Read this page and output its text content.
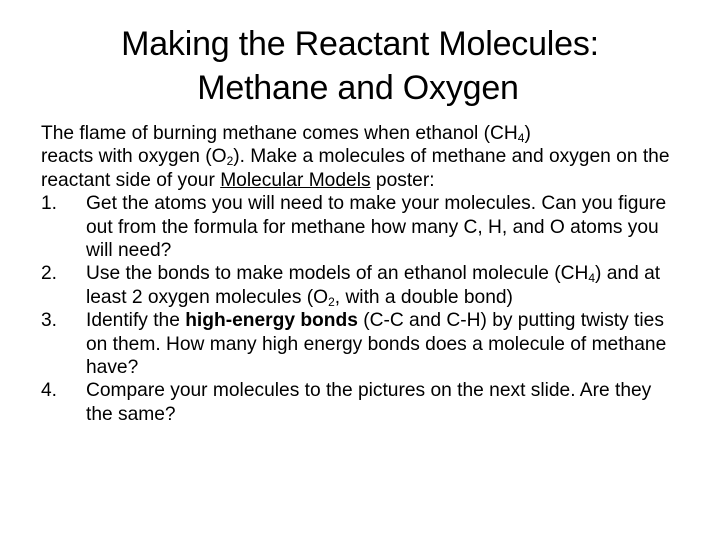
Making the Reactant Molecules:
Methane and Oxygen

The flame of burning methane comes when ethanol $(CH_4)$
reacts with oxygen $(O_2)$. Make a molecules of methane and oxygen on the reactant side of your Molecular Models poster:

1. Get the atoms you will need to make your molecules. Can you figure out from the formula for methane how many C, H, and O atoms you will need?
2. Use the bonds to make models of an ethanol molecule $(CH_4)$ and at least 2 oxygen molecules ($O_2$, with a double bond)
3. Identify the high-energy bonds (C-C and C-H) by putting twisty ties on them. How many high energy bonds does a molecule of methane have?
4. Compare your molecules to the pictures on the next slide. Are they the same?
